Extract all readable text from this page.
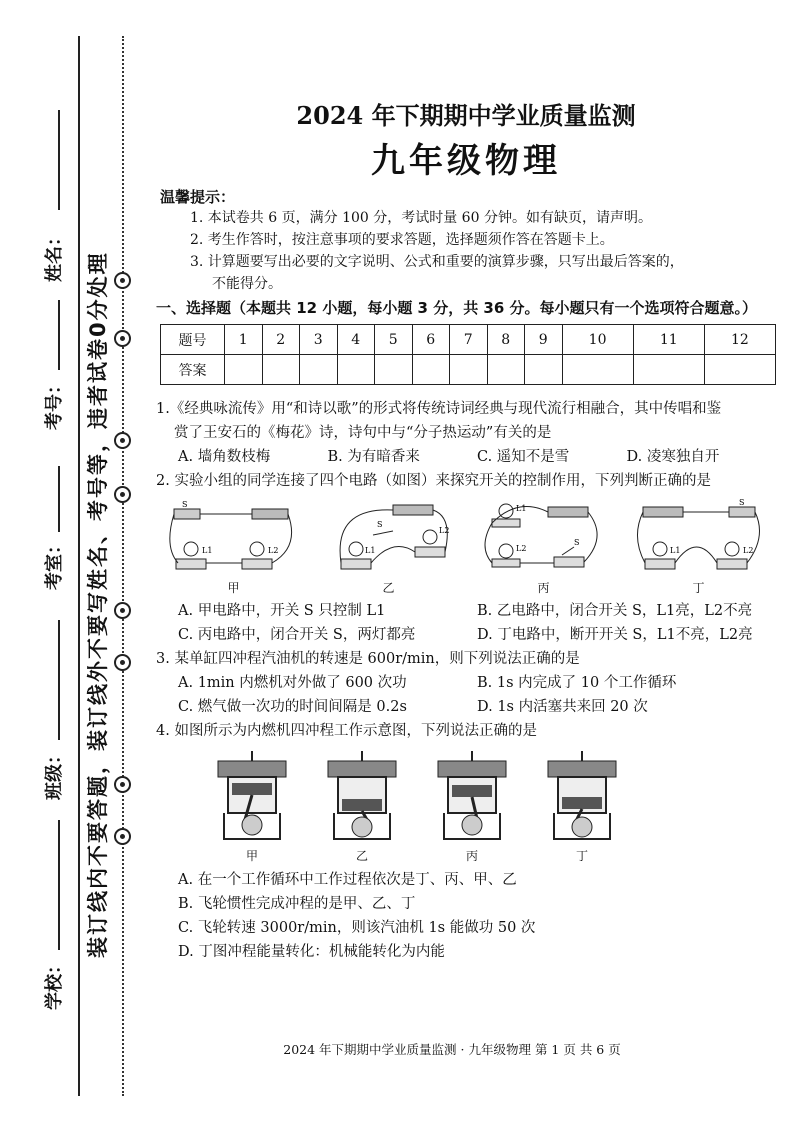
姓名：
考号：
考室：
班级：
学校：
装订线内不要答题，装订线外不要写姓名、考号等，违者试卷0分处理
2024 年下期期中学业质量监测
九年级物理
温馨提示：
1. 本试卷共 6 页，满分 100 分，考试时量 60 分钟。如有缺页，请声明。
2. 考生作答时，按注意事项的要求答题，选择题须作答在答题卡上。
3. 计算题要写出必要的文字说明、公式和重要的演算步骤，只写出最后答案的，
不能得分。
一、选择题（本题共 12 小题，每小题 3 分，共 36 分。每小题只有一个选项符合题意。）
题号	1	2	3	4	5	6	7	8	9	10	11	12
答案												
1.《经典咏流传》用“和诗以歌”的形式将传统诗词经典与现代流行相融合，其中传唱和鉴
赏了王安石的《梅花》诗，诗句中与“分子热运动”有关的是
A. 墙角数枝梅	B. 为有暗香来	C. 遥知不是雪	D. 凌寒独自开
2. 实验小组的同学连接了四个电路（如图）来探究开关的控制作用，下列判断正确的是
S
L1	L2
甲
S
L1
L2
乙
L1
L2
S
丙
S
L1	L2
丁
A. 甲电路中，开关 S 只控制 L1	B. 乙电路中，闭合开关 S，L1亮，L2不亮
C. 丙电路中，闭合开关 S，两灯都亮	D. 丁电路中，断开开关 S，L1不亮，L2亮
3. 某单缸四冲程汽油机的转速是 600r/min，则下列说法正确的是
A. 1min 内燃机对外做了 600 次功	B. 1s 内完成了 10 个工作循环
C. 燃气做一次功的时间间隔是 0.2s	D. 1s 内活塞共来回 20 次
4. 如图所示为内燃机四冲程工作示意图，下列说法正确的是
甲	乙	丙	丁
A. 在一个工作循环中工作过程依次是丁、丙、甲、乙
B. 飞轮惯性完成冲程的是甲、乙、丁
C. 飞轮转速 3000r/min，则该汽油机 1s 能做功 50 次
D. 丁图冲程能量转化：机械能转化为内能
2024 年下期期中学业质量监测 · 九年级物理 第 1 页 共 6 页
